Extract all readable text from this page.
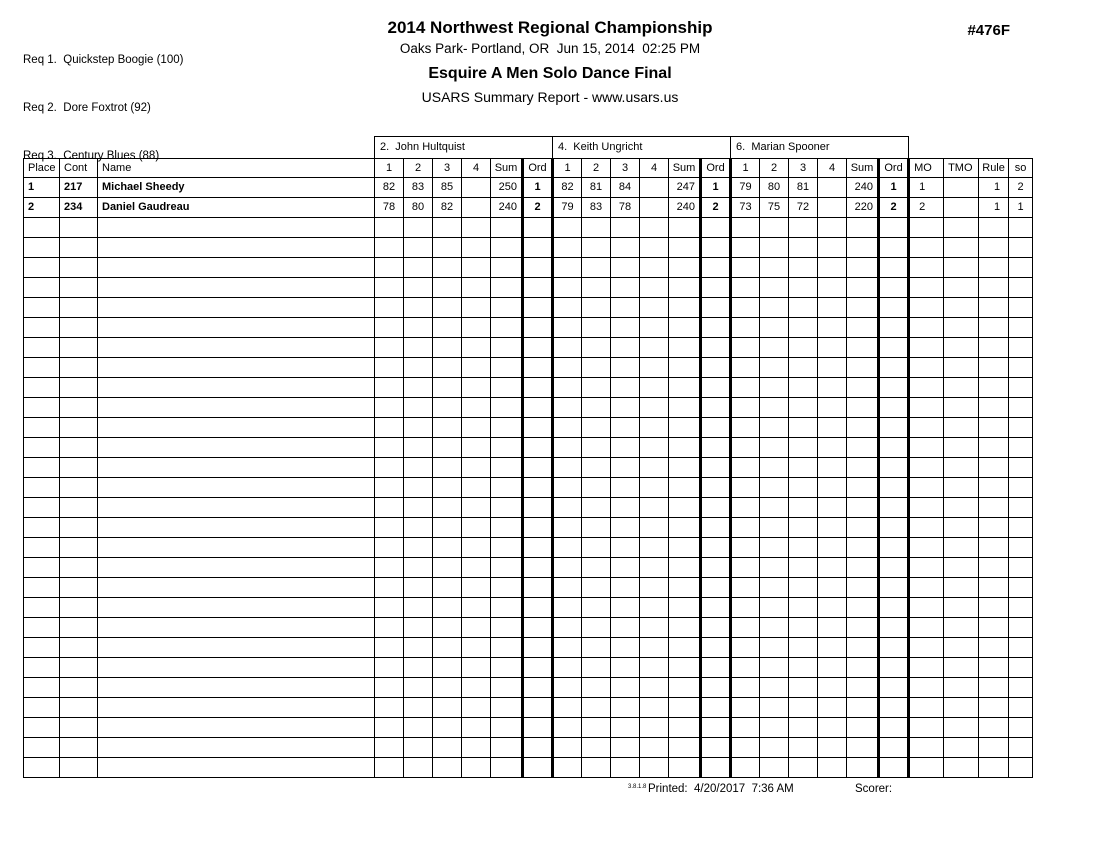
Req 1.  Quickstep Boogie (100)

Req 2.  Dore Foxtrot (92)

Req 3.  Century Blues (88)

2014 Northwest Regional Championship
Oaks Park- Portland, OR  Jun 15, 2014  02:25 PM
Esquire A Men Solo Dance Final
USARS Summary Report - www.usars.us
#476F
			2.  John Hultquist						4.  Keith Ungricht						6.  Marian Spooner									
Place	Cont	Name	1	2	3	4	Sum	Ord	1	2	3	4	Sum	Ord	1	2	3	4	Sum	Ord	MO	TMO	Rule	so
1	217	Michael Sheedy	82	83	85		250	1	82	81	84		247	1	79	80	81		240	1	1		1	2
2	234	Daniel Gaudreau	78	80	82		240	2	79	83	78		240	2	73	75	72		220	2	2		1	1

3.8.1.8 Printed:  4/20/2017  7:36 AM	Scorer:
